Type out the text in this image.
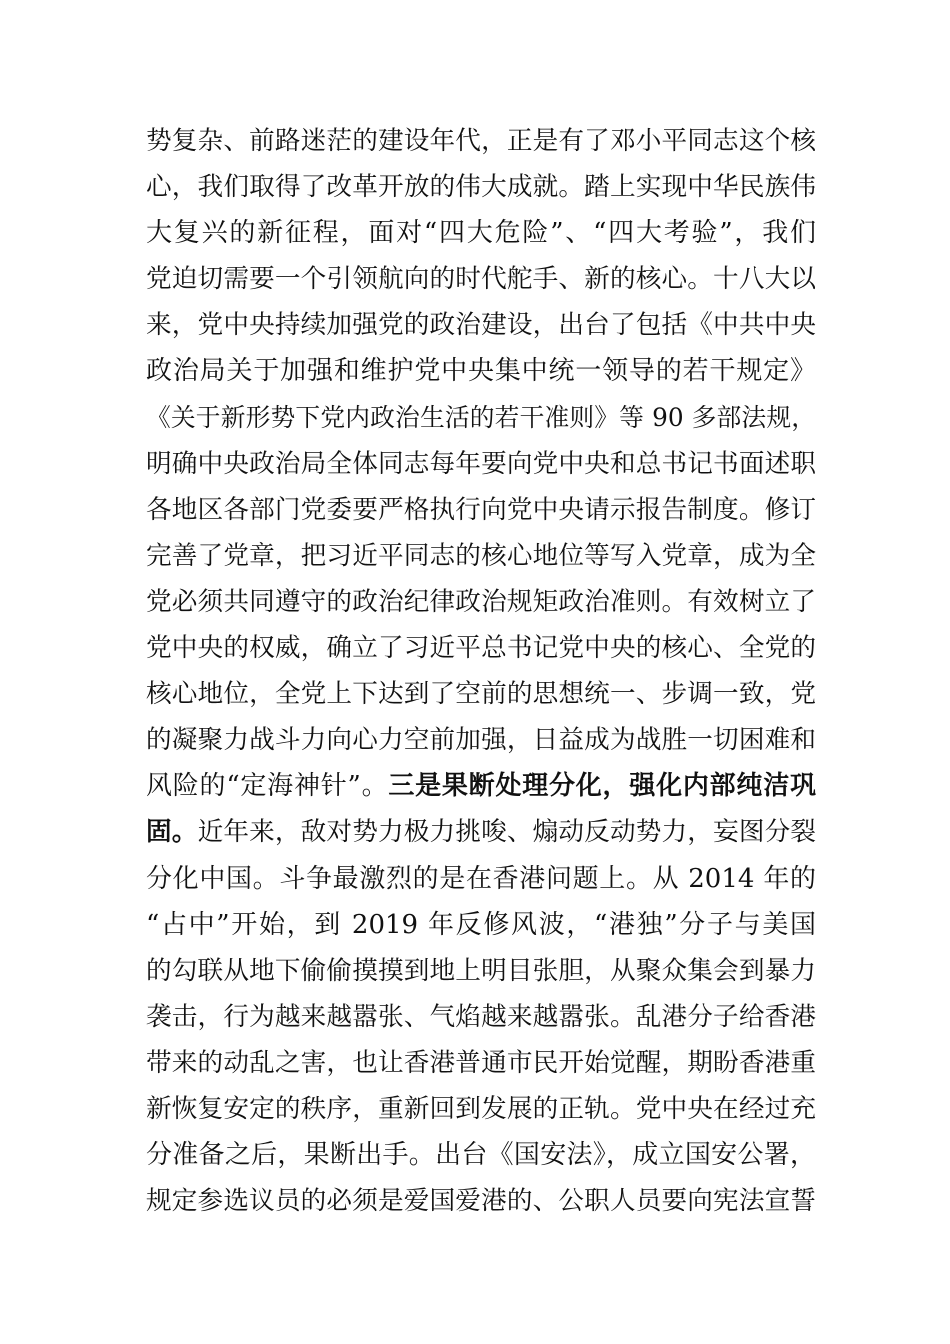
势复杂、前路迷茫的建设年代，正是有了邓小平同志这个核
心，我们取得了改革开放的伟大成就。踏上实现中华民族伟
大复兴的新征程，面对“四大危险”、“四大考验”，我们
党迫切需要一个引领航向的时代舵手、新的核心。十八大以
来，党中央持续加强党的政治建设，出台了包括《中共中央
政治局关于加强和维护党中央集中统一领导的若干规定》
《关于新形势下党内政治生活的若干准则》等 90 多部法规，
明确中央政治局全体同志每年要向党中央和总书记书面述职
各地区各部门党委要严格执行向党中央请示报告制度。修订
完善了党章，把习近平同志的核心地位等写入党章，成为全
党必须共同遵守的政治纪律政治规矩政治准则。有效树立了
党中央的权威，确立了习近平总书记党中央的核心、全党的
核心地位，全党上下达到了空前的思想统一、步调一致，党
的凝聚力战斗力向心力空前加强，日益成为战胜一切困难和
风险的“定海神针”。三是果断处理分化，强化内部纯洁巩
固。近年来，敌对势力极力挑唆、煽动反动势力，妄图分裂
分化中国。斗争最激烈的是在香港问题上。从 2014 年的
“占中”开始，到 2019 年反修风波，“港独”分子与美国
的勾联从地下偷偷摸摸到地上明目张胆，从聚众集会到暴力
袭击，行为越来越嚣张、气焰越来越嚣张。乱港分子给香港
带来的动乱之害，也让香港普通市民开始觉醒，期盼香港重
新恢复安定的秩序，重新回到发展的正轨。党中央在经过充
分准备之后，果断出手。出台《国安法》，成立国安公署，
规定参选议员的必须是爱国爱港的、公职人员要向宪法宣誓
